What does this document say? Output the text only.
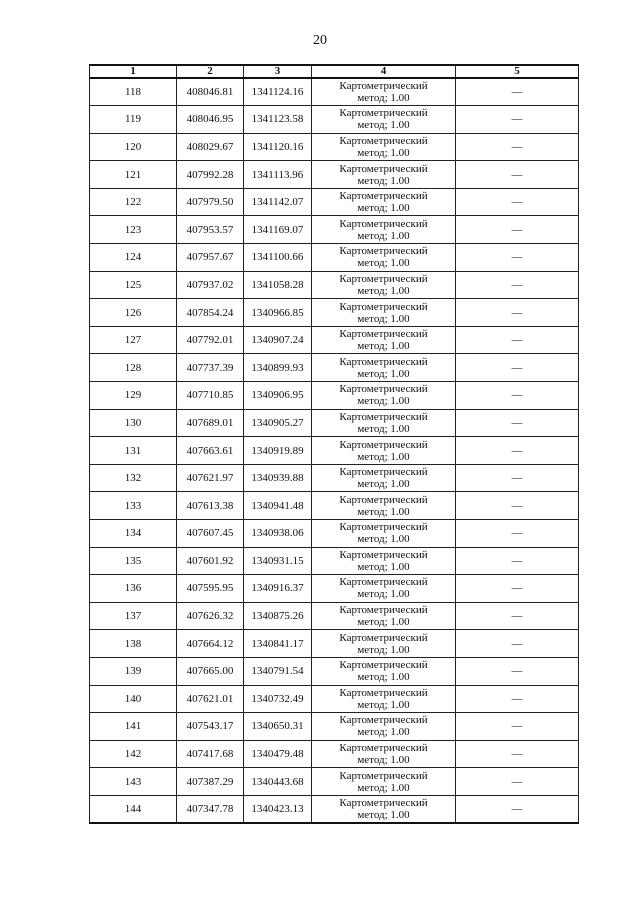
20
1	2	3	4	5
118	408046.81	1341124.16	Картометрический
метод; 1.00	—
119	408046.95	1341123.58	Картометрический
метод; 1.00	—
120	408029.67	1341120.16	Картометрический
метод; 1.00	—
121	407992.28	1341113.96	Картометрический
метод; 1.00	—
122	407979.50	1341142.07	Картометрический
метод; 1.00	—
123	407953.57	1341169.07	Картометрический
метод; 1.00	—
124	407957.67	1341100.66	Картометрический
метод; 1.00	—
125	407937.02	1341058.28	Картометрический
метод; 1.00	—
126	407854.24	1340966.85	Картометрический
метод; 1.00	—
127	407792.01	1340907.24	Картометрический
метод; 1.00	—
128	407737.39	1340899.93	Картометрический
метод; 1.00	—
129	407710.85	1340906.95	Картометрический
метод; 1.00	—
130	407689.01	1340905.27	Картометрический
метод; 1.00	—
131	407663.61	1340919.89	Картометрический
метод; 1.00	—
132	407621.97	1340939.88	Картометрический
метод; 1.00	—
133	407613.38	1340941.48	Картометрический
метод; 1.00	—
134	407607.45	1340938.06	Картометрический
метод; 1.00	—
135	407601.92	1340931.15	Картометрический
метод; 1.00	—
136	407595.95	1340916.37	Картометрический
метод; 1.00	—
137	407626.32	1340875.26	Картометрический
метод; 1.00	—
138	407664.12	1340841.17	Картометрический
метод; 1.00	—
139	407665.00	1340791.54	Картометрический
метод; 1.00	—
140	407621.01	1340732.49	Картометрический
метод; 1.00	—
141	407543.17	1340650.31	Картометрический
метод; 1.00	—
142	407417.68	1340479.48	Картометрический
метод; 1.00	—
143	407387.29	1340443.68	Картометрический
метод; 1.00	—
144	407347.78	1340423.13	Картометрический
метод; 1.00	—
